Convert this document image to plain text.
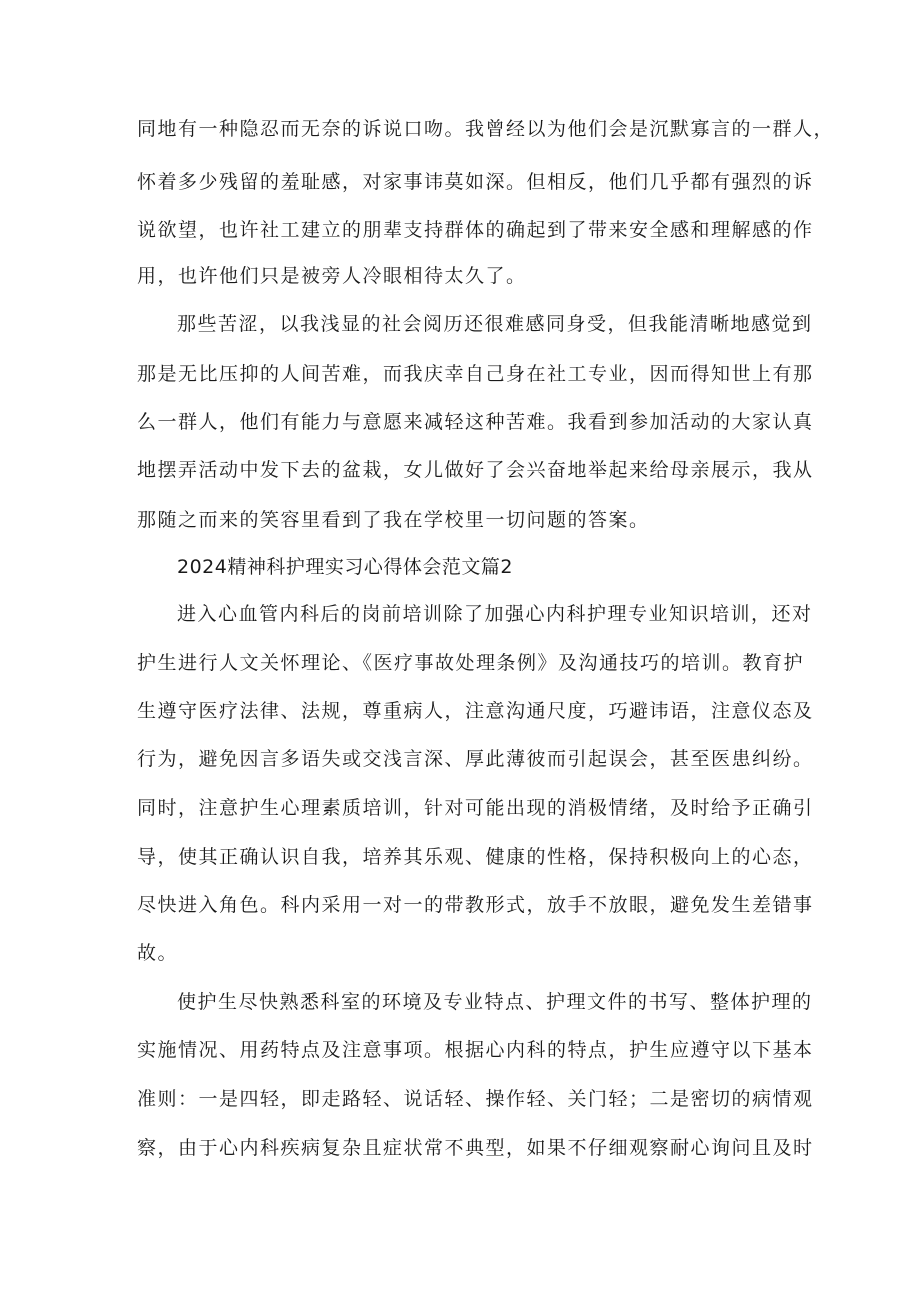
同地有一种隐忍而无奈的诉说口吻。我曾经以为他们会是沉默寡言的一群人，
怀着多少残留的羞耻感，对家事讳莫如深。但相反，他们几乎都有强烈的诉
说欲望，也许社工建立的朋辈支持群体的确起到了带来安全感和理解感的作
用，也许他们只是被旁人冷眼相待太久了。
那些苦涩，以我浅显的社会阅历还很难感同身受，但我能清晰地感觉到
那是无比压抑的人间苦难，而我庆幸自己身在社工专业，因而得知世上有那
么一群人，他们有能力与意愿来减轻这种苦难。我看到参加活动的大家认真
地摆弄活动中发下去的盆栽，女儿做好了会兴奋地举起来给母亲展示，我从
那随之而来的笑容里看到了我在学校里一切问题的答案。
2024精神科护理实习心得体会范文篇2
进入心血管内科后的岗前培训除了加强心内科护理专业知识培训，还对
护生进行人文关怀理论、《医疗事故处理条例》及沟通技巧的培训。教育护
生遵守医疗法律、法规，尊重病人，注意沟通尺度，巧避讳语，注意仪态及
行为，避免因言多语失或交浅言深、厚此薄彼而引起误会，甚至医患纠纷。
同时，注意护生心理素质培训，针对可能出现的消极情绪，及时给予正确引
导，使其正确认识自我，培养其乐观、健康的性格，保持积极向上的心态，
尽快进入角色。科内采用一对一的带教形式，放手不放眼，避免发生差错事
故。
使护生尽快熟悉科室的环境及专业特点、护理文件的书写、整体护理的
实施情况、用药特点及注意事项。根据心内科的特点，护生应遵守以下基本
准则：一是四轻，即走路轻、说话轻、操作轻、关门轻；二是密切的病情观
察，由于心内科疾病复杂且症状常不典型，如果不仔细观察耐心询问且及时
